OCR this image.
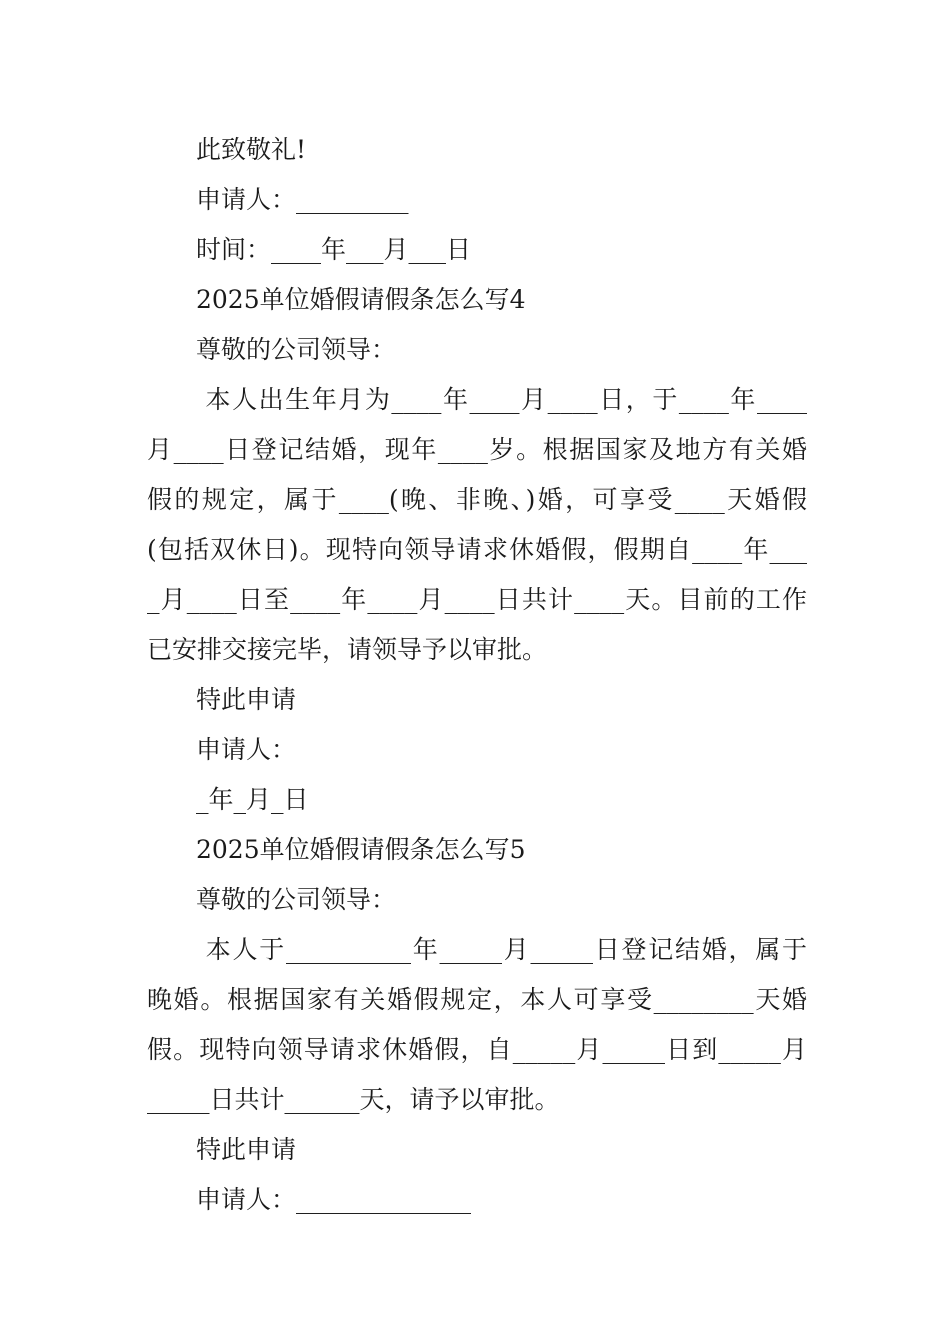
此致敬礼!

申请人：_________

时间：____年___月___日

2025单位婚假请假条怎么写4

尊敬的公司领导：

本人出生年月为____年____月____日，于____年____

月____日登记结婚，现年____岁。根据国家及地方有关婚

假的规定，属于____(晚、非晚、)婚，可享受____天婚假

(包括双休日)。现特向领导请求休婚假，假期自____年___

_月____日至____年____月____日共计____天。目前的工作

已安排交接完毕，请领导予以审批。

特此申请

申请人：

_年_月_日

2025单位婚假请假条怎么写5

尊敬的公司领导：

本人于__________年_____月_____日登记结婚，属于

晚婚。根据国家有关婚假规定，本人可享受________天婚

假。现特向领导请求休婚假，自_____月_____日到_____月

_____日共计______天，请予以审批。

特此申请

申请人：______________
